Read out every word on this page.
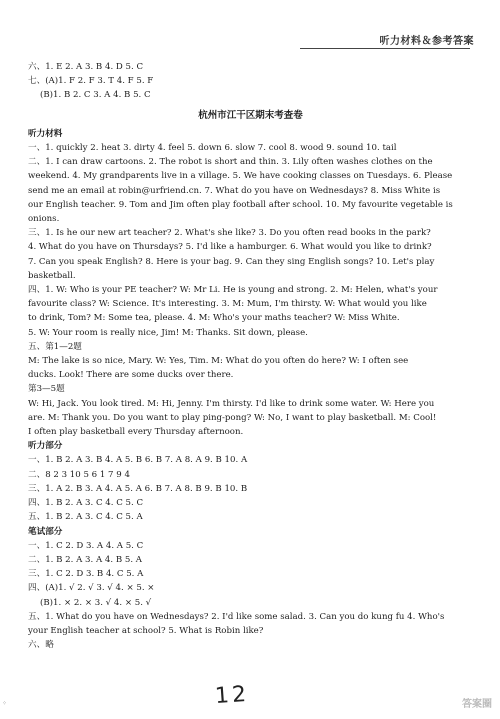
听力材料＆参考答案
六、1. E 2. A 3. B 4. D 5. C
七、(A)1. F 2. F 3. T 4. F 5. F
(B)1. B 2. C 3. A 4. B 5. C
杭州市江干区期末考查卷
听力材料
一、1. quickly 2. heat 3. dirty 4. feel 5. down 6. slow 7. cool 8. wood 9. sound 10. tail
二、1. I can draw cartoons. 2. The robot is short and thin. 3. Lily often washes clothes on the
weekend. 4. My grandparents live in a village. 5. We have cooking classes on Tuesdays. 6. Please
send me an email at robin@urfriend.cn. 7. What do you have on Wednesdays? 8. Miss White is
our English teacher. 9. Tom and Jim often play football after school. 10. My favourite vegetable is
onions.
三、1. Is he our new art teacher? 2. What's she like? 3. Do you often read books in the park?
4. What do you have on Thursdays? 5. I'd like a hamburger. 6. What would you like to drink?
7. Can you speak English? 8. Here is your bag. 9. Can they sing English songs? 10. Let's play
basketball.
四、1. W: Who is your PE teacher? W: Mr Li. He is young and strong. 2. M: Helen, what's your
favourite class? W: Science. It's interesting. 3. M: Mum, I'm thirsty. W: What would you like
to drink, Tom? M: Some tea, please. 4. M: Who's your maths teacher? W: Miss White.
5. W: Your room is really nice, Jim! M: Thanks. Sit down, please.
五、第1—2题
M: The lake is so nice, Mary. W: Yes, Tim. M: What do you often do here? W: I often see
ducks. Look! There are some ducks over there.
第3—5题
W: Hi, Jack. You look tired. M: Hi, Jenny. I'm thirsty. I'd like to drink some water. W: Here you
are. M: Thank you. Do you want to play ping-pong? W: No, I want to play basketball. M: Cool!
I often play basketball every Thursday afternoon.
听力部分
一、1. B 2. A 3. B 4. A 5. B 6. B 7. A 8. A 9. B 10. A
二、8 2 3 10 5 6 1 7 9 4
三、1. A 2. B 3. A 4. A 5. A 6. B 7. A 8. B 9. B 10. B
四、1. B 2. A 3. C 4. C 5. C
五、1. B 2. A 3. C 4. C 5. A
笔试部分
一、1. C 2. D 3. A 4. A 5. C
二、1. B 2. A 3. A 4. B 5. A
三、1. C 2. D 3. B 4. C 5. A
四、(A)1. √ 2. √ 3. √ 4. × 5. ×
(B)1. × 2. × 3. √ 4. × 5. √
五、1. What do you have on Wednesdays? 2. I'd like some salad. 3. Can you do kung fu 4. Who's
your English teacher at school? 5. What is Robin like?
六、略
12	答案圈
⁘
